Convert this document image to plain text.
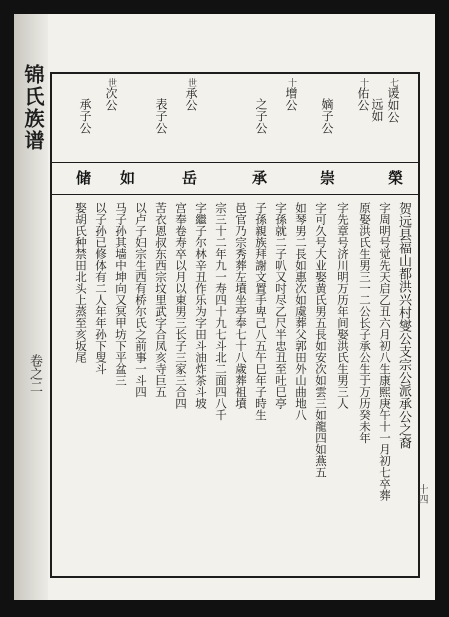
锦氏族谱
卷之二
七谖如公
十佑公
十增公
世承公
世次公	远如
嫡子公
之子公
表子公
承子公
榮
崇
承
岳
如
储
贺远县福山都洪兴村燮公支宗公派承公之裔
字周明号觉先天启乙丑六月初八生康熙庚午十一月初七卒葬
原娶洪氏生男三一二公长子承公生于万历癸未年
字先章号济川明万历年间娶洪氏生男三人
字可久号大业娶黄氏男五長如安次如雲三如龍四如燕五
如琴男二長如惠次如虞葬父郭田外山曲地八
字孫就二子叭又吋尽乙尺半忠丑至吐巳亭
子孫親族拜謝文置手卑己八五午巳年子時生
邑官乃宗秀葬左墳坐亭奉七十八歲葬祖墳
宗三十二年九一寿四十九七斗北二面四八千
字繼子尔林辛丑作乐为字田斗油炸茶斗坡
宫奉卷寿卒以月以東男三长子三家三合四
苦衣恩叔东西宗坟里武字合凤亥寺巨五
以卢子妇宗生西有桥尔氏之前事一斗四
马子孙其墙中坤向又冥甲坊下平盆三
以子孙已修体有二人年年孙下叟斗
娶胡氏种禁田北头上蒸至亥坂尾
十四
